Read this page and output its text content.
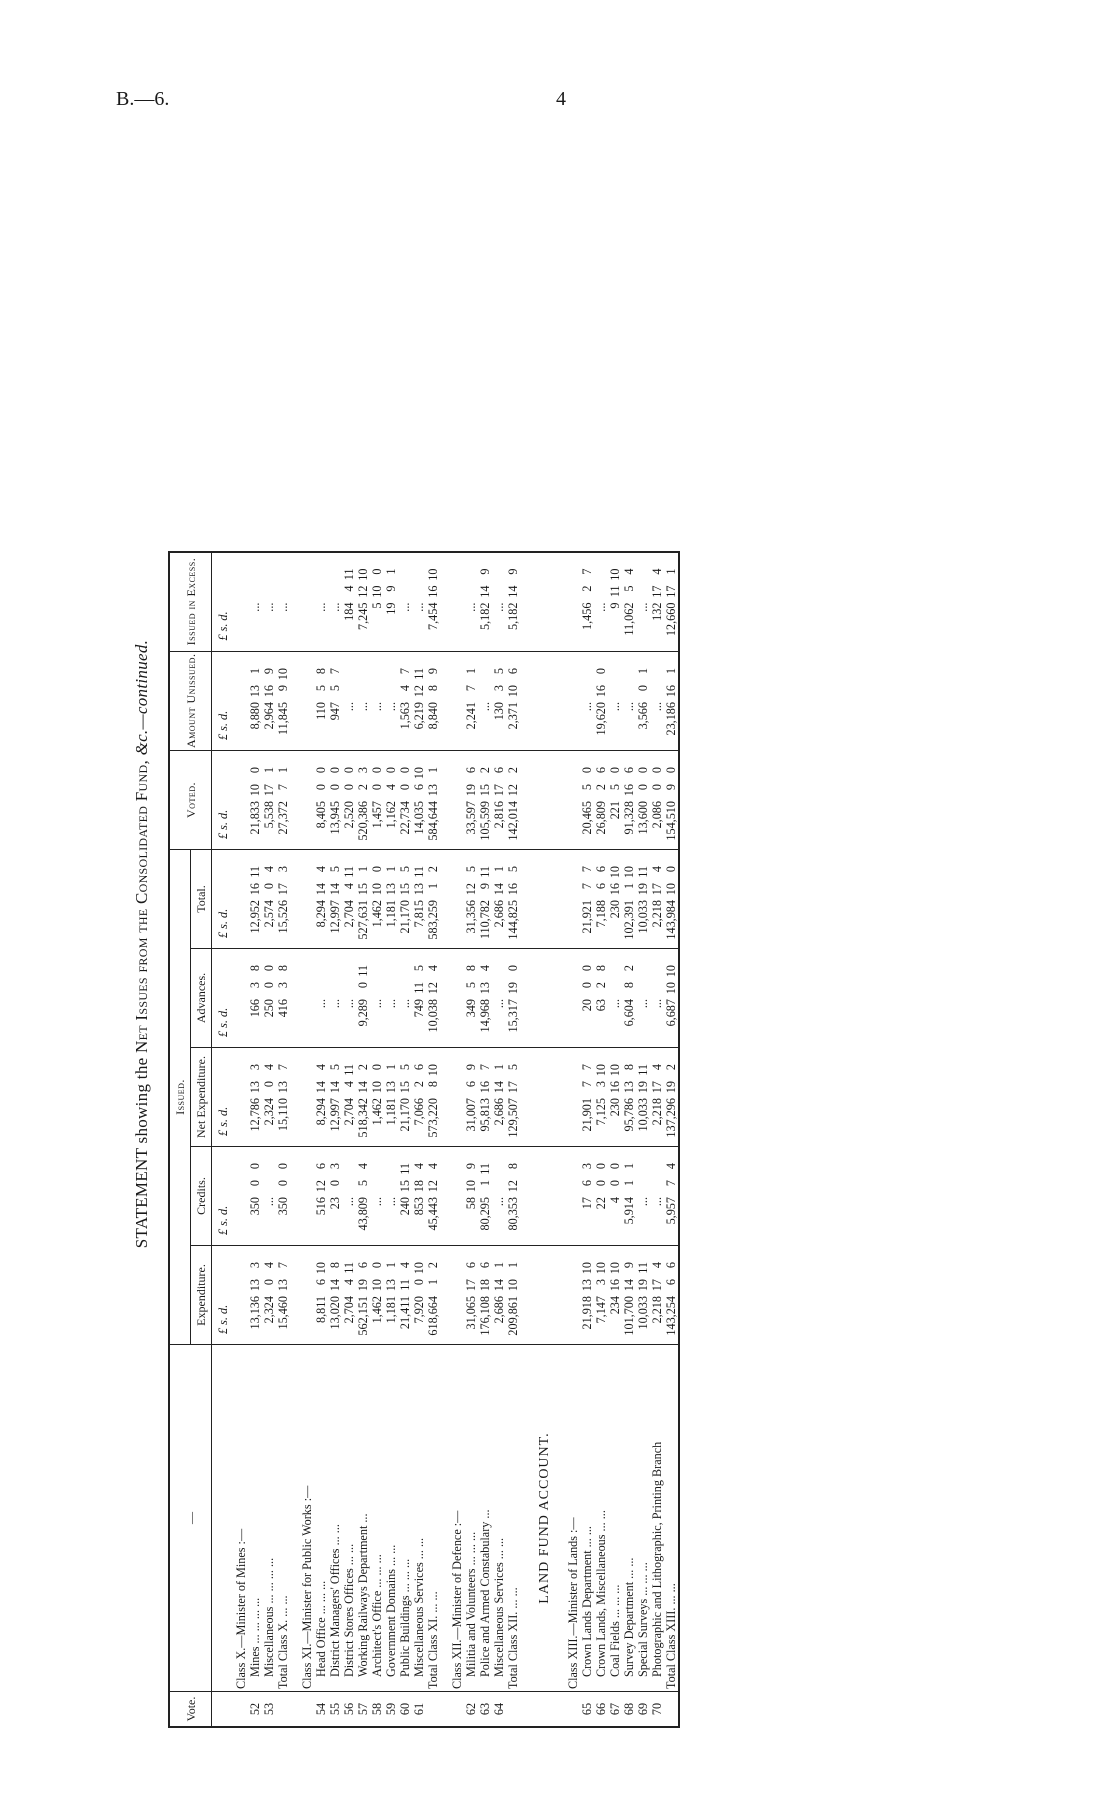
B.—6.	4
STATEMENT showing the Net Issues from the Consolidated Fund, &c.—continued.
Vote.	—	Issued.					Voted.	Amount Unissued.	Issued in Excess.
		Expenditure.	Credits.	Net Expenditure.	Advances.	Total.			
		£ s. d.	£ s. d.	£ s. d.	£ s. d.	£ s. d.	£ s. d.	£ s. d.	£ s. d.
	Class X.—Minister of Mines :—								
52	Mines ... ... ... ...	13,136133	35000	12,786133	16638	12,9521611	21,833100	8,880131	...
53	Miscellaneous ... ... ... ...	2,32404	...	2,32404	25000	2,57404	5,538171	2,964169	...
	Total Class X. ... ...	15,460137	35000	15,110137	41638	15,526173	27,37271	11,845910	...

	Class XI.—Minister for Public Works :—								
54	Head Office ... ... ...	8,811610	516126	8,294144	...	8,294144	8,40500	11058	...
55	District Managers' Offices ... ...	13,020148	2303	12,997145	...	12,997145	13,94500	94757	...
56	District Stores Offices ... ...	2,704411	...	2,704411	...	2,704411	2,52000	...	184411
57	Working Railways Department ...	562,151196	43,80954	518,342142	9,289011	527,631151	520,38623	...	7,2451210
58	Architect's Office ... ... ...	1,462100	...	1,462100	...	1,462100	1,45700	...	5100
59	Government Domains ... ...	1,181131	...	1,181131	...	1,181131	1,16240	...	1991
60	Public Buildings ... ... ...	21,411114	2401511	21,170155	...	21,170155	22,73400	1,56347	...
61	Miscellaneous Services ... ...	7,920010	853184	7,06626	749115	7,8151311	14,035610	6,2191211	...
	Total Class XI. ... ...	618,66412	45,443124	573,220810	10,038124	583,25912	584,644131	8,84089	7,4541610

	Class XII.—Minister of Defence :—								
62	Militia and Volunteers ... ... ...	31,065176	58109	31,00769	34958	31,356125	33,597196	2,24171	...
63	Police and Armed Constabulary ...	176,108186	80,295111	95,813167	14,968134	110,782911	105,599152	...	5,182149
64	Miscellaneous Services ... ...	2,686141	...	2,686141	...	2,686141	2,816176	13035	...
	Total Class XII. ... ...	209,861101	80,353128	129,507175	15,317190	144,825165	142,014122	2,371106	5,182149

	LAND FUND ACCOUNT.								

	Class XIII.—Minister of Lands :—								
65	Crown Lands Department ... ...	21,9181310	1763	21,90177	2000	21,92177	20,46550	...	1,45627
66	Crown Lands, Miscellaneous ... ...	7,147310	2200	7,125310	6328	7,18866	26,80926	19,620160	...
67	Coal Fields ... ... ...	2341610	400	2301610	...	2301610	22150	...	91110
68	Survey Department ... ...	101,700149	5,91411	95,786138	6,60482	102,391110	91,328166	...	11,06254
69	Special Surveys ... ... ...	10,0331911	...	10,0331911	...	10,0331911	13,60000	3,56601	...
70	Photographic and Lithographic, Printing Branch	2,218174	...	2,218174	...	2,218174	2,08600	...	132174
	Total Class XIII. ... ...	143,25466	5,95774	137,296192	6,6871010	143,984100	154,51090	23,186161	12,660171
